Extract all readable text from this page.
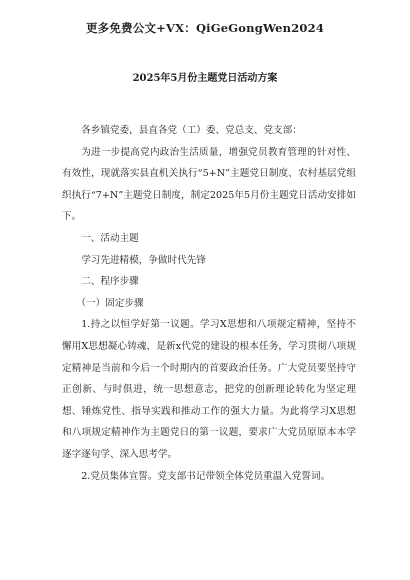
更多免费公文+VX：QiGeGongWen2024
2025年5月份主题党日活动方案

各乡镇党委，县直各党（工）委、党总支、党支部：

为进一步提高党内政治生活质量，增强党员教育管理的针对性、有效性，现就落实县直机关执行“5+N”主题党日制度、农村基层党组织执行“7+N”主题党日制度，制定2025年5月份主题党日活动安排如下。

一、活动主题

学习先进精模，争做时代先锋

二、程序步骤

（一）固定步骤

1.持之以恒学好第一议题。学习X思想和八项规定精神，坚持不懈用X思想凝心铸魂，是新x代党的建设的根本任务，学习贯彻八项规定精神是当前和今后一个时期内的首要政治任务。广大党员要坚持守正创新、与时俱进，统一思想意志，把党的创新理论转化为坚定理想、锤炼党性、指导实践和推动工作的强大力量。为此将学习X思想和八项规定精神作为主题党日的第一议题，要求广大党员原原本本学逐字逐句学、深入思考学。

2.党员集体宣誓。党支部书记带领全体党员重温入党誓词。
